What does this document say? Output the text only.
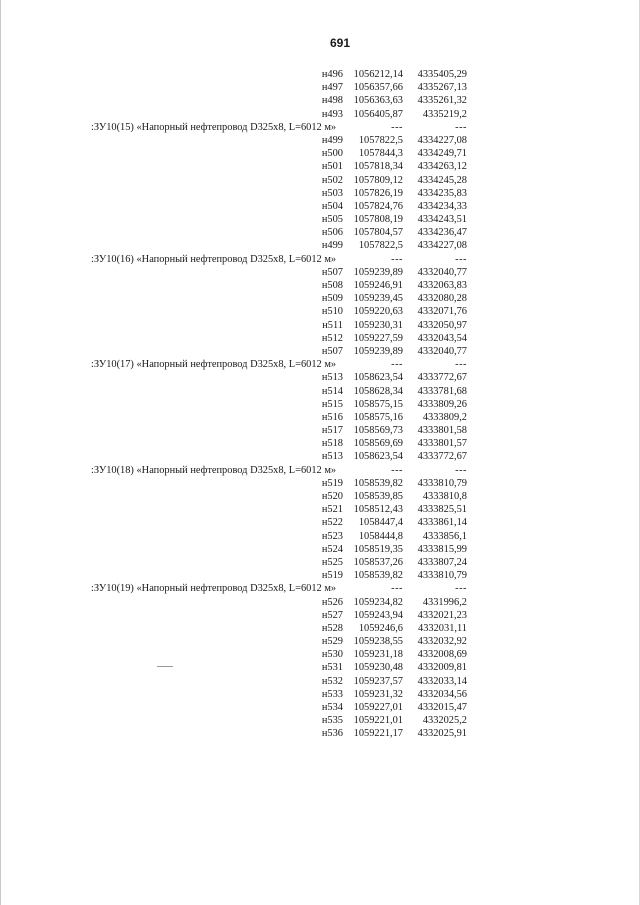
691
н496 1056212,14 4335405,29
н497 1056357,66 4335267,13
н498 1056363,63 4335261,32
н493 1056405,87 4335219,2
:ЗУ10(15) «Напорный нефтепровод D325x8, L=6012 м»	---	---
н499 1057822,5 4334227,08
н500 1057844,3 4334249,71
н501 1057818,34 4334263,12
н502 1057809,12 4334245,28
н503 1057826,19 4334235,83
н504 1057824,76 4334234,33
н505 1057808,19 4334243,51
н506 1057804,57 4334236,47
н499 1057822,5 4334227,08
:ЗУ10(16) «Напорный нефтепровод D325x8, L=6012 м»	---	---
н507 1059239,89 4332040,77
н508 1059246,91 4332063,83
н509 1059239,45 4332080,28
н510 1059220,63 4332071,76
н511 1059230,31 4332050,97
н512 1059227,59 4332043,54
н507 1059239,89 4332040,77
:ЗУ10(17) «Напорный нефтепровод D325x8, L=6012 м»	---	---
н513 1058623,54 4333772,67
н514 1058628,34 4333781,68
н515 1058575,15 4333809,26
н516 1058575,16 4333809,2
н517 1058569,73 4333801,58
н518 1058569,69 4333801,57
н513 1058623,54 4333772,67
:ЗУ10(18) «Напорный нефтепровод D325x8, L=6012 м»	---	---
н519 1058539,82 4333810,79
н520 1058539,85 4333810,8
н521 1058512,43 4333825,51
н522 1058447,4 4333861,14
н523 1058444,8 4333856,1
н524 1058519,35 4333815,99
н525 1058537,26 4333807,24
н519 1058539,82 4333810,79
:ЗУ10(19) «Напорный нефтепровод D325x8, L=6012 м»	---	---
н526 1059234,82 4331996,2
н527 1059243,94 4332021,23
н528 1059246,6 4332031,11
н529 1059238,55 4332032,92
н530 1059231,18 4332008,69
н531 1059230,48 4332009,81
н532 1059237,57 4332033,14
н533 1059231,32 4332034,56
н534 1059227,01 4332015,47
н535 1059221,01 4332025,2
н536 1059221,17 4332025,91
